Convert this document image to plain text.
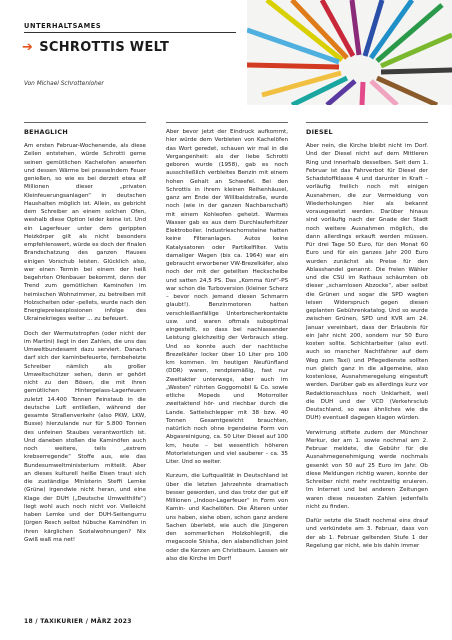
UNTERHALTSAMES
➔ SCHROTTIS WELT
Von Michael Schrottenloher
BEHAGLICH

Am ersten Februar-Wochenende, als diese Zeilen entstehen, würde Schrotti gerne seinen gemütlichen Kachelofen anwerfen und dessen Wärme bei prasselndem Feuer genießen, so wie es bei derzeit etwa elf Millionen dieser „privaten Kleinfeuerungsanlagen“ in deutschen Haushalten möglich ist. Allein, es gebricht dem Schreiber an einem solchen Ofen, weshalb diese Option leider keine ist. Und ein Lagerfeuer unter dem gerippten Heizkörper gilt als nicht besonders empfehlenswert, würde es doch der finalen Brandschatzung des ganzen Hauses einigen Vorschub leisten. Glücklich also, wer einen Termin bei einem der heiß begehrten Ofenbauer bekommt, denn der Trend zum gemütlichen Kaminofen im heimischen Wohnzimmer, zu betreiben mit Holzscheiten oder -pellets, wurde nach den Energiepreisexplosionen infolge des Ukrainekrieges weiter ... zu befeuert.

Doch der Wermutstropfen (oder nicht der im Martini) liegt in den Zahlen, die uns das Umweltbundesamt dazu serviert. Danach darf sich der kaminbefeuerte, fernbeheizte Schreiber nämlich als großer Umweltschützer sehen, denn er gehört nicht zu den Bösen, die mit ihren gemütlichen Hintergelass-Lagerfeuern zuletzt 14.400 Tonnen Feinstaub in die deutsche Luft entließen, während der gesamte Straßenverkehr (also PKW, LKW, Busse) hierzulande nur für 5.800 Tonnen des unfeinen Staubes verantwortlich ist. Und daneben stoßen die Kaminöfen auch noch weitere, teils „extrem krebserregende“ Stoffe aus, wie das Bundesumweltministerium mitteilt. Aber an dieses kulturell heiße Eisen traut sich die zuständige Ministerin Steffi Lemke (Grüne) irgendwie nicht heran, und eine Klage der DUH („Deutsche Umwelthilfe“) liegt wohl auch noch nicht vor. Vielleicht haben Lemke und der DUH-Seitengurru Jürgen Resch selbst hübsche Kaminöfen in ihren kärglichen Sozialwohnungen? Nix Gwiß waß ma net!

Aber bevor jetzt der Eindruck aufkommt, hier würde dem Verbieten von Kachelöfen das Wort geredet, schauen wir mal in die Vergangenheit: als der liebe Schrotti geboren wurde (1958), gab es noch ausschließlich verbleites Benzin mit einem hohen Gehalt an Schwefel. Bei den Schrottis in ihrem kleinen Reihenhäusel, ganz am Ende der Willibaldstraße, wurde noch (wie in der ganzen Nachbarschaft) mit einem Kohleofen geheizt. Warmes Wasser gab es aus dem Durchlauferhitzer Elektroboiler. Industrieschornsteine hatten keine Filteranlagen. Autos keine Katalysatoren oder Partikelfilter. Vatis damaliger Wagen (bis ca. 1964) war ein gebraucht erworbener VW-Brezelkäfer, also noch der mit der geteilten Heckscheibe und satten 24,5 PS. Das „Komma fünf“-PS war schon die Turboversion (kleiner Scherz – bevor noch jemand diesen Schmarrn glaubt!). Benzinmotoren hatten verschleißanfällige Unterbrecherkontakte usw. und waren oftmals suboptimal eingestellt, so dass bei nachlassender Leistung gleichzeitig der Verbrauch stieg. Und so konnte auch der nachtische Brezelkäfer locker über 10 Liter pro 100 km kommen. Im heutigen Neufünfland (DDR) waren, rendpiemäßig, fast nur Zweitakter unterwegs, aber auch im „Westen“ rührten Goggomobil & Co. sowie etliche Mopeds und Motorroller zweitaktend hör- und riechbar durch die Lande. Sattelschlepper mit 38 bzw. 40 Tonnen Gesamtgewicht brauchten, natürlich noch ohne irgendeine Form von Abgasreinigung, ca. 50 Liter Diesel auf 100 km, heute – bei wesentlich höheren Motorleistungen und viel sauberer – ca. 35 Liter. Und so weiter.

Kurzum, die Luftqualität in Deutschland ist über die letzten Jahrzehnte dramatisch besser geworden, und das trotz der gut elf Millionen „Indoor-Lagerfeuer“ in Form von Kamin- und Kachelöfen. Die Älteren unter uns haben, siehe oben, schon ganz andere Sachen überlebt, wie auch die Jüngeren den sommerlichen Holzkohlegrill, die megacoole Shisha, den alabendlichen Joint oder die Kerzen am Christbaum. Lassen wir also die Kirche im Dorf!

DIESEL

Aber nein, die Kirche bleibt nicht im Dorf. Und der Diesel nicht auf dem Mittleren Ring und innerhalb desselben. Seit dem 1. Februar ist das Fahrverbot für Diesel der Schadstoffklasse 4 und darunter in Kraft – vorläufig freilich noch mit einigen Ausnahmen, die zur Vermeidung von Wiederholungen hier als bekannt vorausgesetzt werden. Darüber hinaus sind vorläufig nach der Gnade der Stadt noch weitere Ausnahmen möglich, die dann allerdings erkauft werden müssen. Für drei Tage 50 Euro, für den Monat 60 Euro und für ein ganzes Jahr 200 Euro wurden zunächst als Preise für den Ablasshandel genannt. Die freien Wähler und die CSU im Rathaus schäumten ob dieser „schamlosen Abzocke“, aber selbst die Grünen und sogar die SPD wagten leisen Widerspruch gegen diesen geplanten Gebührenkatalog. Und so wurde zwischen Grünen, SPD und KVR am 24. Januar vereinbart, dass der Erlaubnis für ein Jahr nicht 200, sondern nur 50 Euro kosten sollte. Schichtarbeiter (also evtl. auch so mancher Nachtfahrer auf dem Weg zum Taxi) und Pflegedienste sollten nun gleich ganz in die allgemeine, also kostenlose, Ausnahmeregelung eingestuft werden. Darüber gab es allerdings kurz vor Redaktionsschluss noch Unklarheit, weil die DUH und der VCD (Verkehrsclub Deutschland, so was ähnliches wie die DUH) eventuell dagegen klagen würden.

Verwirrung stiftete zudem der Münchner Merkur, der am 1. sowie nochmal am 2. Februar meldete, die Gebühr für die Ausnahmegenehmigung werde nochmals gesenkt von 50 auf 25 Euro im Jahr. Ob diese Meldungen richtig waren, konnte der Schreiber nicht mehr rechtzeitig eruieren. Im Internet und bei anderen Zeitungen waren diese neuesten Zahlen jedenfalls nicht zu finden.

Dafür setzte die Stadt nochmal eins drauf und verkündete am 3. Februar, dass von der ab 1. Februar geltenden Stufe 1 der Regelung gar nicht, wie bis dahin immer

18 / TAXIKURIER / MÄRZ 2023
